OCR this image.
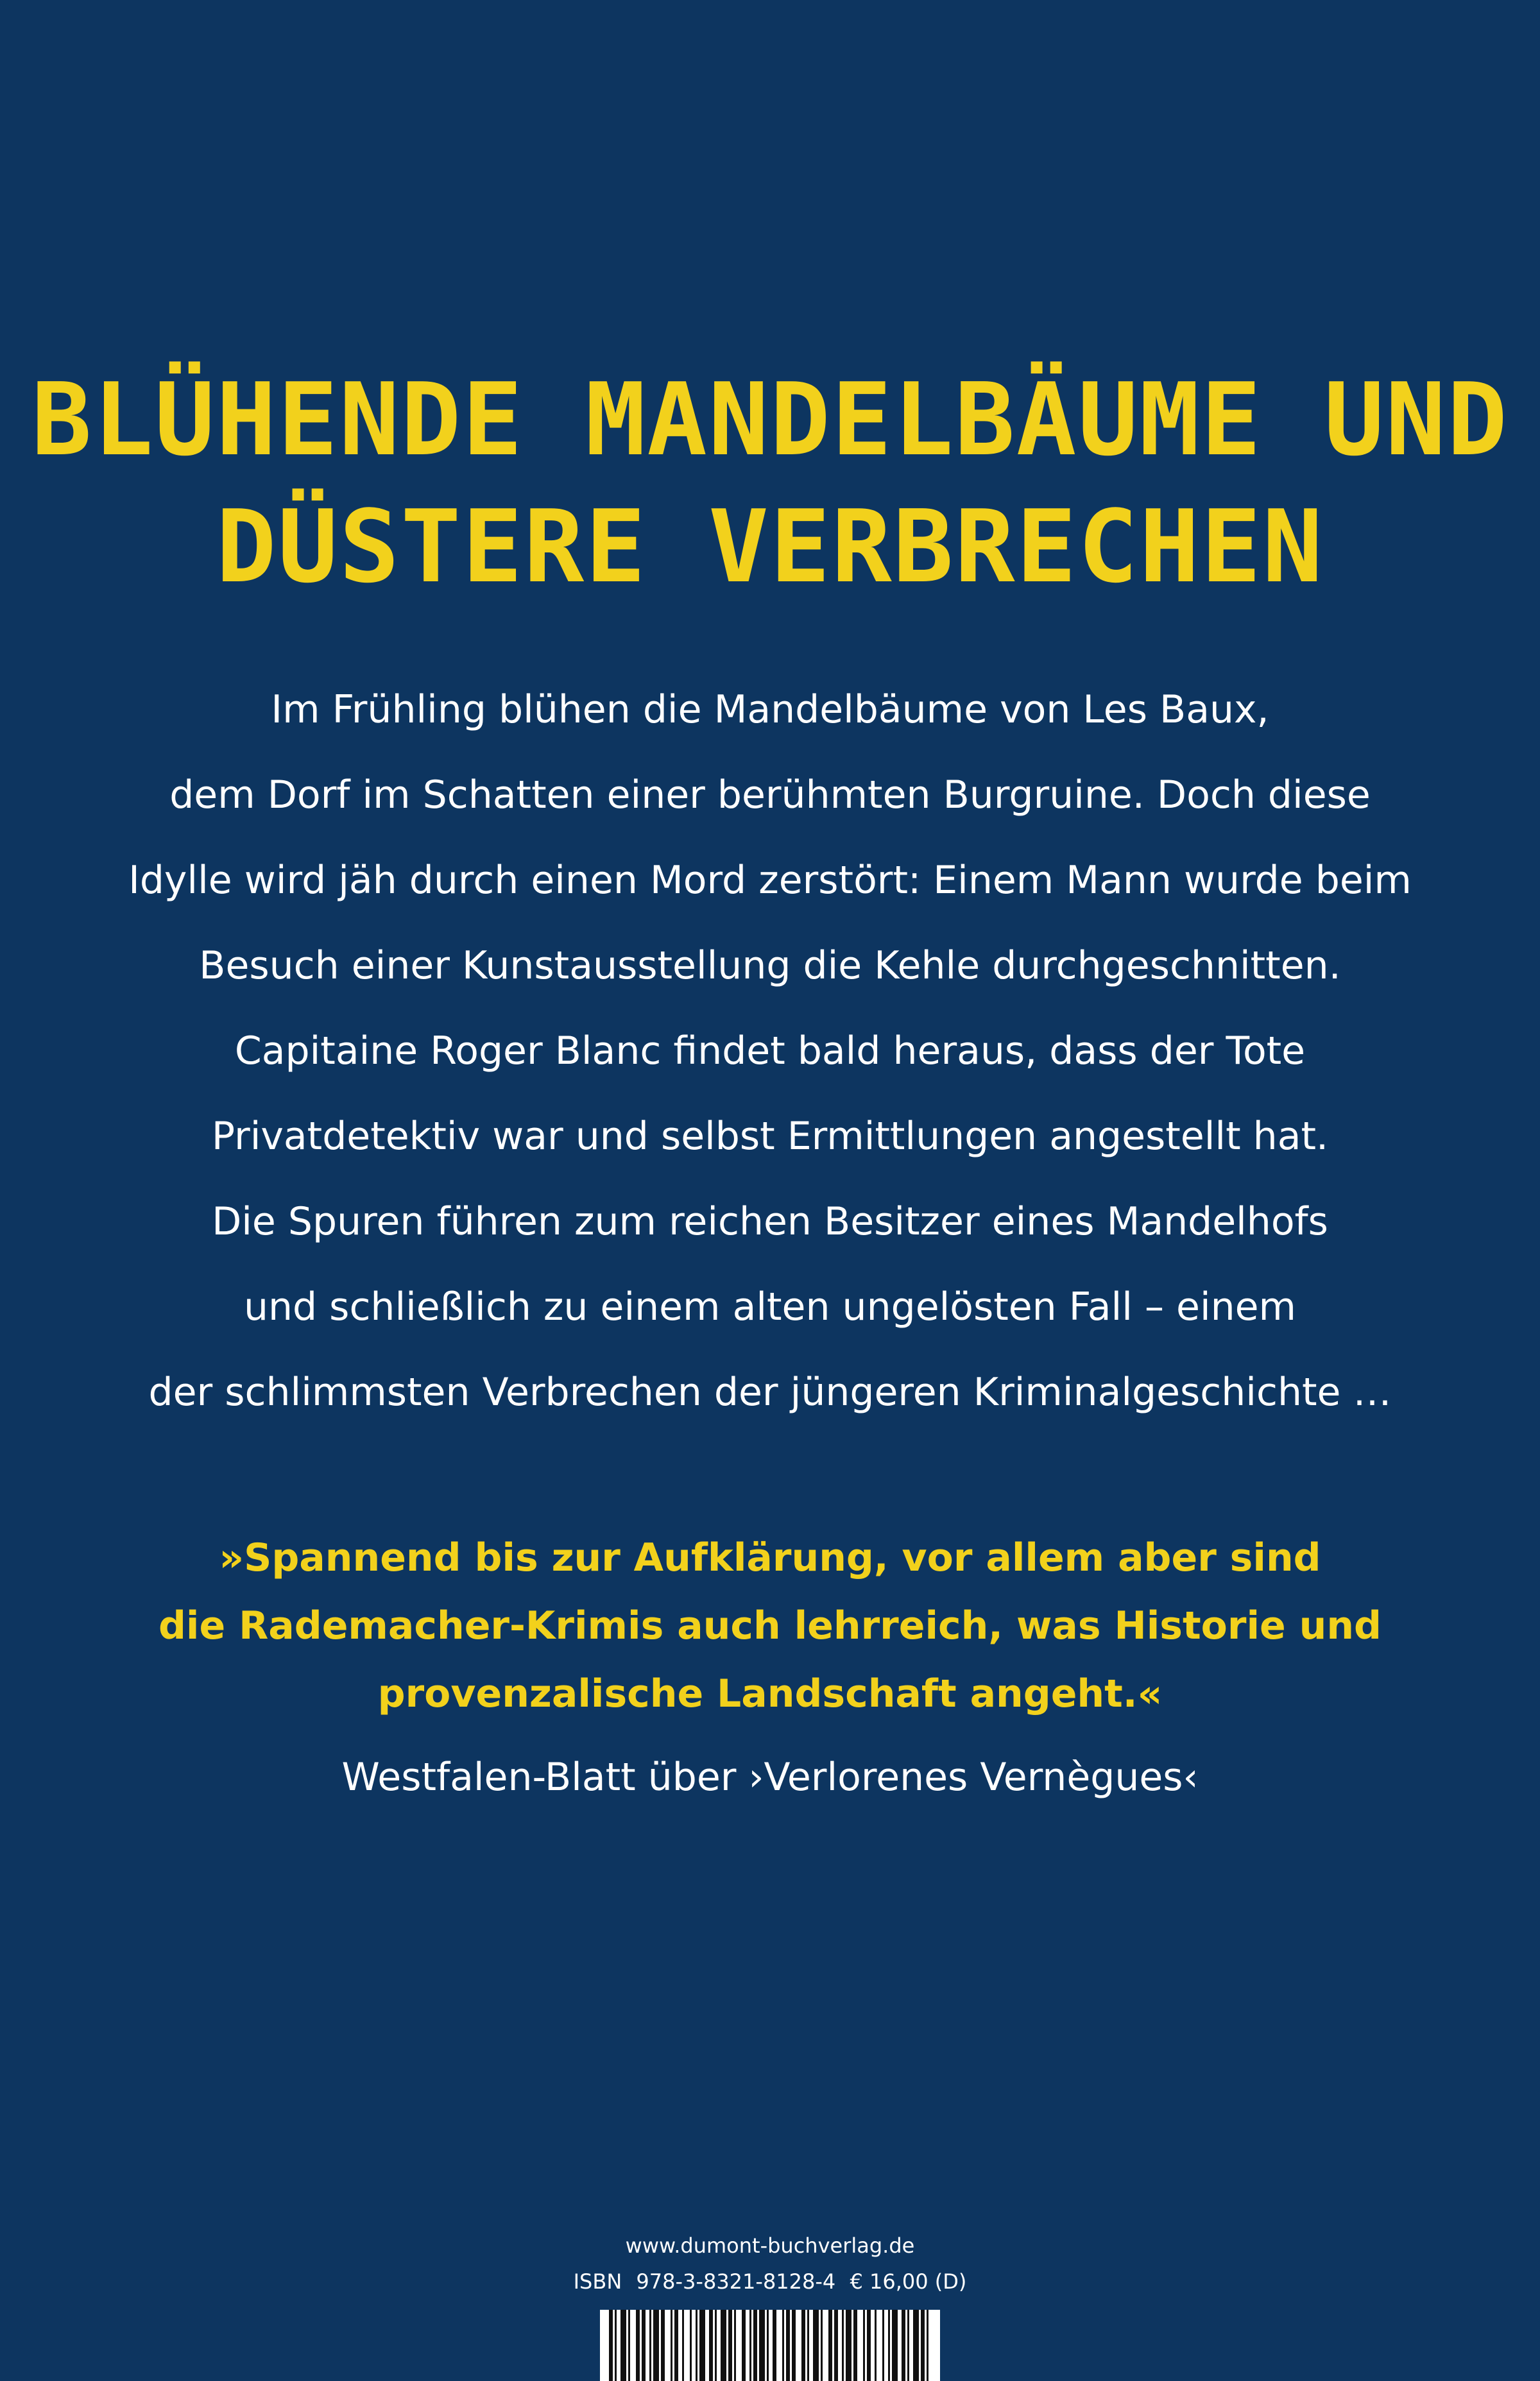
BLÜHENDE MANDELBÄUME UND
DÜSTERE VERBRECHEN
Im Frühling blühen die Mandelbäume von Les Baux,
dem Dorf im Schatten einer berühmten Burgruine. Doch diese
Idylle wird jäh durch einen Mord zerstört: Einem Mann wurde beim
Besuch einer Kunstausstellung die Kehle durchgeschnitten.
Capitaine Roger Blanc findet bald heraus, dass der Tote
Privatdetektiv war und selbst Ermittlungen angestellt hat.
Die Spuren führen zum reichen Besitzer eines Mandelhofs
und schließlich zu einem alten ungelösten Fall – einem
der schlimmsten Verbrechen der jüngeren Kriminalgeschichte …
»Spannend bis zur Aufklärung, vor allem aber sind
die Rademacher-Krimis auch lehrreich, was Historie und
provenzalische Landschaft angeht.«
Westfalen-Blatt über ›Verlorenes Vernègues‹
www.dumont-buchverlag.de
ISBN 978-3-8321-8128-4 € 16,00 (D)
